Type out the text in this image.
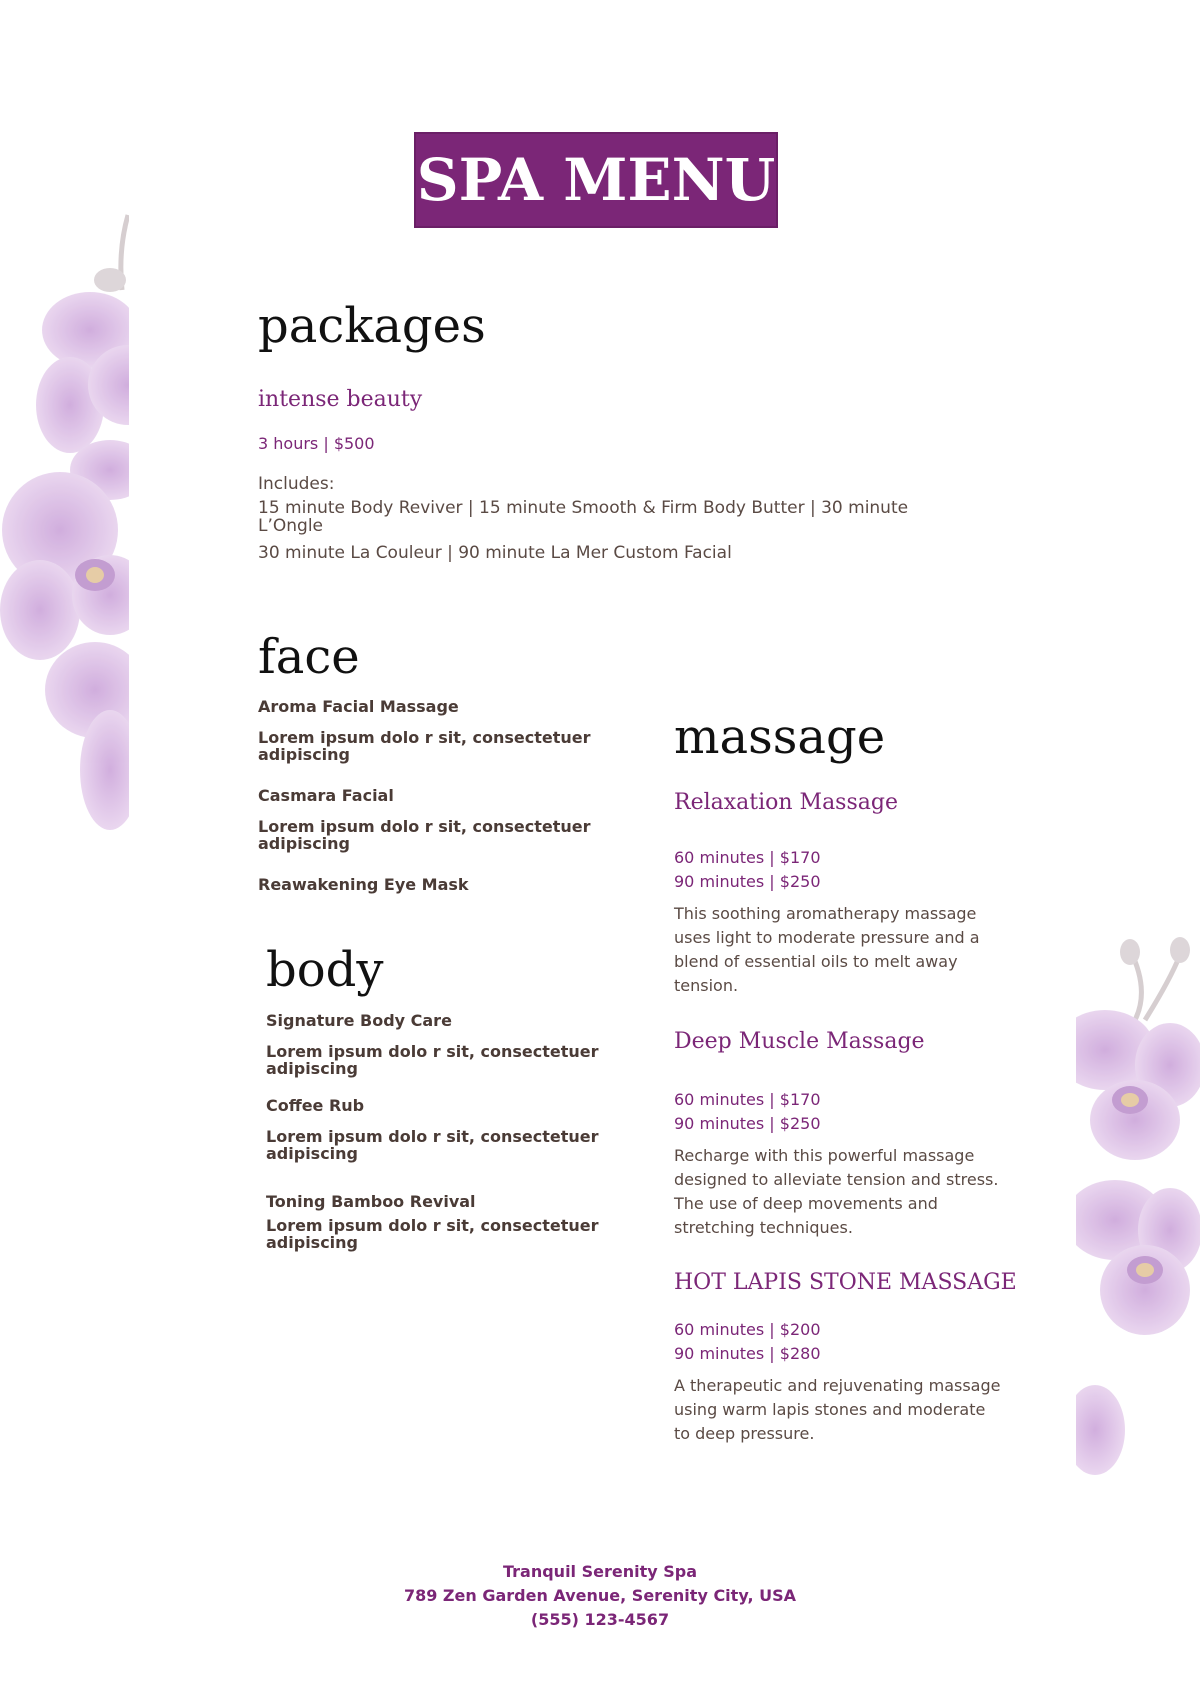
SPA MENU
packages
intense beauty
3 hours | $500
Includes:
15 minute Body Reviver | 15 minute Smooth & Firm Body Butter | 30 minute L’Ongle
30 minute La Couleur | 90 minute La Mer Custom Facial
face
Aroma Facial Massage
Lorem ipsum dolo r sit, consectetuer adipiscing
Casmara Facial
Lorem ipsum dolo r sit, consectetuer adipiscing
Reawakening Eye Mask
body
Signature Body Care
Lorem ipsum dolo r sit, consectetuer adipiscing
Coffee Rub
Lorem ipsum dolo r sit, consectetuer adipiscing
Toning Bamboo Revival
Lorem ipsum dolo r sit, consectetuer adipiscing
massage
Relaxation Massage
60 minutes | $170
90 minutes | $250
This soothing aromatherapy massage uses light to moderate pressure and a blend of essential oils to melt away tension.
Deep Muscle Massage
60 minutes | $170
90 minutes | $250
Recharge with this powerful massage designed to alleviate tension and stress. The use of deep movements and stretching techniques.
HOT LAPIS STONE MASSAGE
60 minutes | $200
90 minutes | $280
A therapeutic and rejuvenating massage using warm lapis stones and moderate to deep pressure.
Tranquil Serenity Spa
789 Zen Garden Avenue, Serenity City, USA
(555) 123-4567
